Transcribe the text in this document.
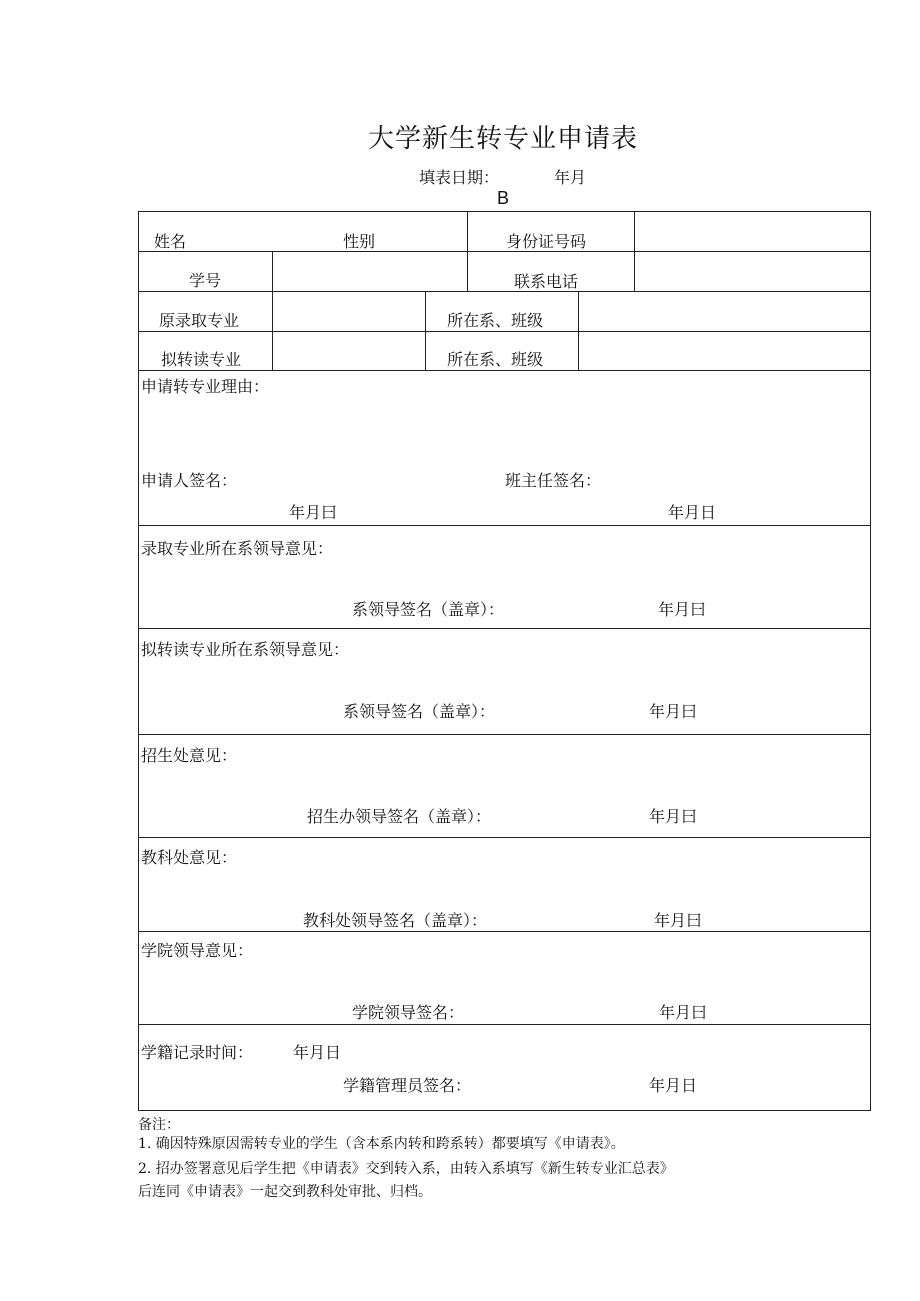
大学新生转专业申请表
填表日期：	年月
B
姓名	性别	身份证号码
学号	联系电话
原录取专业	所在系、班级
拟转读专业	所在系、班级
申请转专业理由：
申请人签名：	班主任签名：
年月曰	年月日
录取专业所在系领导意见：
系领导签名（盖章）：	年月曰
拟转读专业所在系领导意见：
系领导签名（盖章）：	年月曰
招生处意见：
招生办领导签名（盖章）：	年月曰
教科处意见：
教科处领导签名（盖章）：	年月曰
学院领导意见：
学院领导签名：	年月曰
学籍记录时间： 年月日
学籍管理员签名：	年月日
备注：
1. 确因特殊原因需转专业的学生（含本系内转和跨系转）都要填写《申请表》。
2. 招办签署意见后学生把《申请表》交到转入系，由转入系填写《新生转专业汇总表》
后连同《申请表》一起交到教科处审批、归档。
